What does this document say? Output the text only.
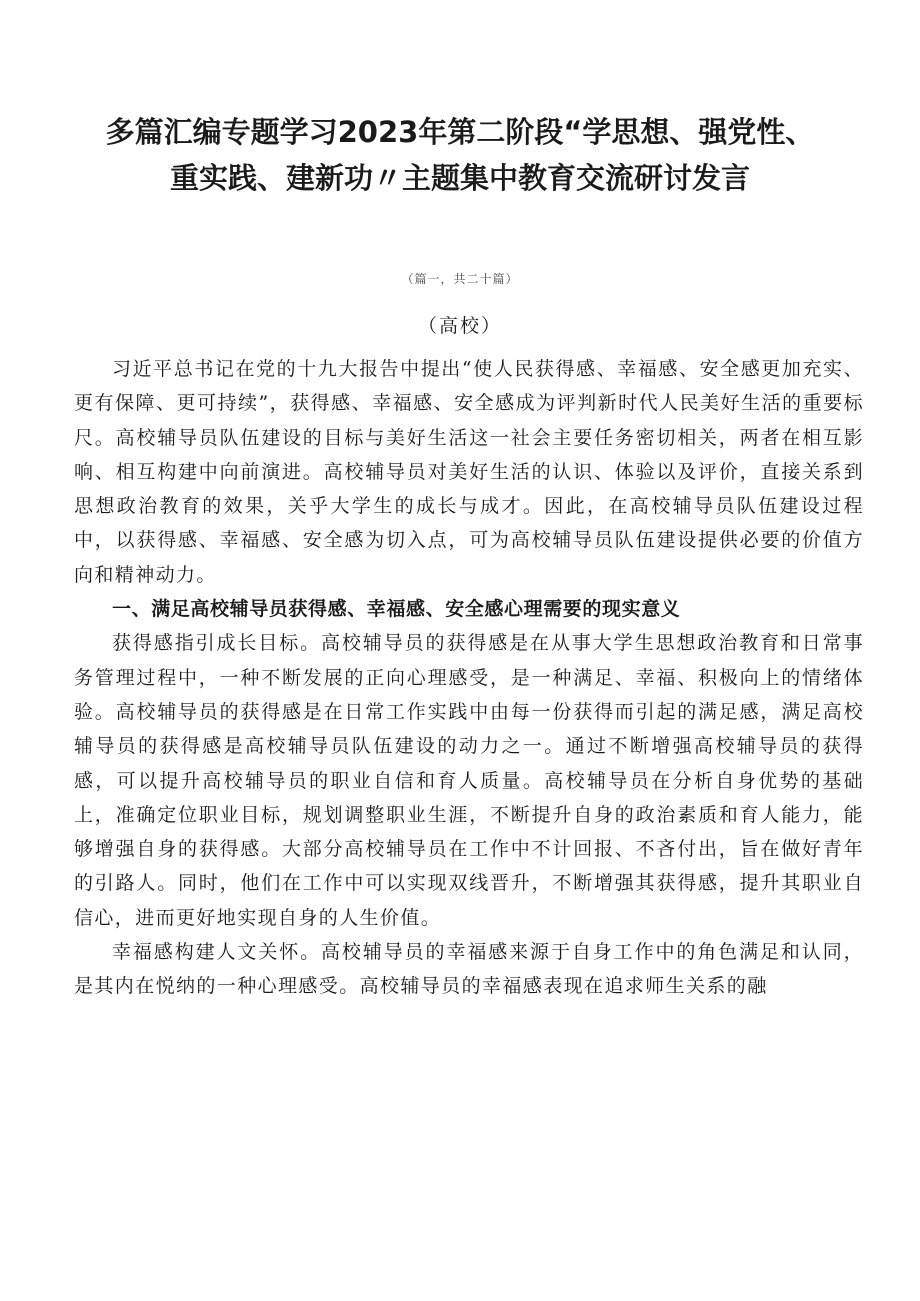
多篇汇编专题学习2023年第二阶段“学思想、强党性、
重实践、建新功〃主题集中教育交流研讨发言

（篇一，共二十篇）

（高校）

习近平总书记在党的十九大报告中提出“使人民获得感、幸福感、安全感更加充实、更有保障、更可持续”，获得感、幸福感、安全感成为评判新时代人民美好生活的重要标尺。高校辅导员队伍建设的目标与美好生活这一社会主要任务密切相关，两者在相互影响、相互构建中向前演进。高校辅导员对美好生活的认识、体验以及评价，直接关系到思想政治教育的效果，关乎大学生的成长与成才。因此，在高校辅导员队伍建设过程中，以获得感、幸福感、安全感为切入点，可为高校辅导员队伍建设提供必要的价值方向和精神动力。

一、满足高校辅导员获得感、幸福感、安全感心理需要的现实意义

获得感指引成长目标。高校辅导员的获得感是在从事大学生思想政治教育和日常事务管理过程中，一种不断发展的正向心理感受，是一种满足、幸福、积极向上的情绪体验。高校辅导员的获得感是在日常工作实践中由每一份获得而引起的满足感，满足高校辅导员的获得感是高校辅导员队伍建设的动力之一。通过不断增强高校辅导员的获得感，可以提升高校辅导员的职业自信和育人质量。高校辅导员在分析自身优势的基础上，准确定位职业目标，规划调整职业生涯，不断提升自身的政治素质和育人能力，能够增强自身的获得感。大部分高校辅导员在工作中不计回报、不吝付出，旨在做好青年的引路人。同时，他们在工作中可以实现双线晋升，不断增强其获得感，提升其职业自信心，进而更好地实现自身的人生价值。

幸福感构建人文关怀。高校辅导员的幸福感来源于自身工作中的角色满足和认同，是其内在悦纳的一种心理感受。高校辅导员的幸福感表现在追求师生关系的融
